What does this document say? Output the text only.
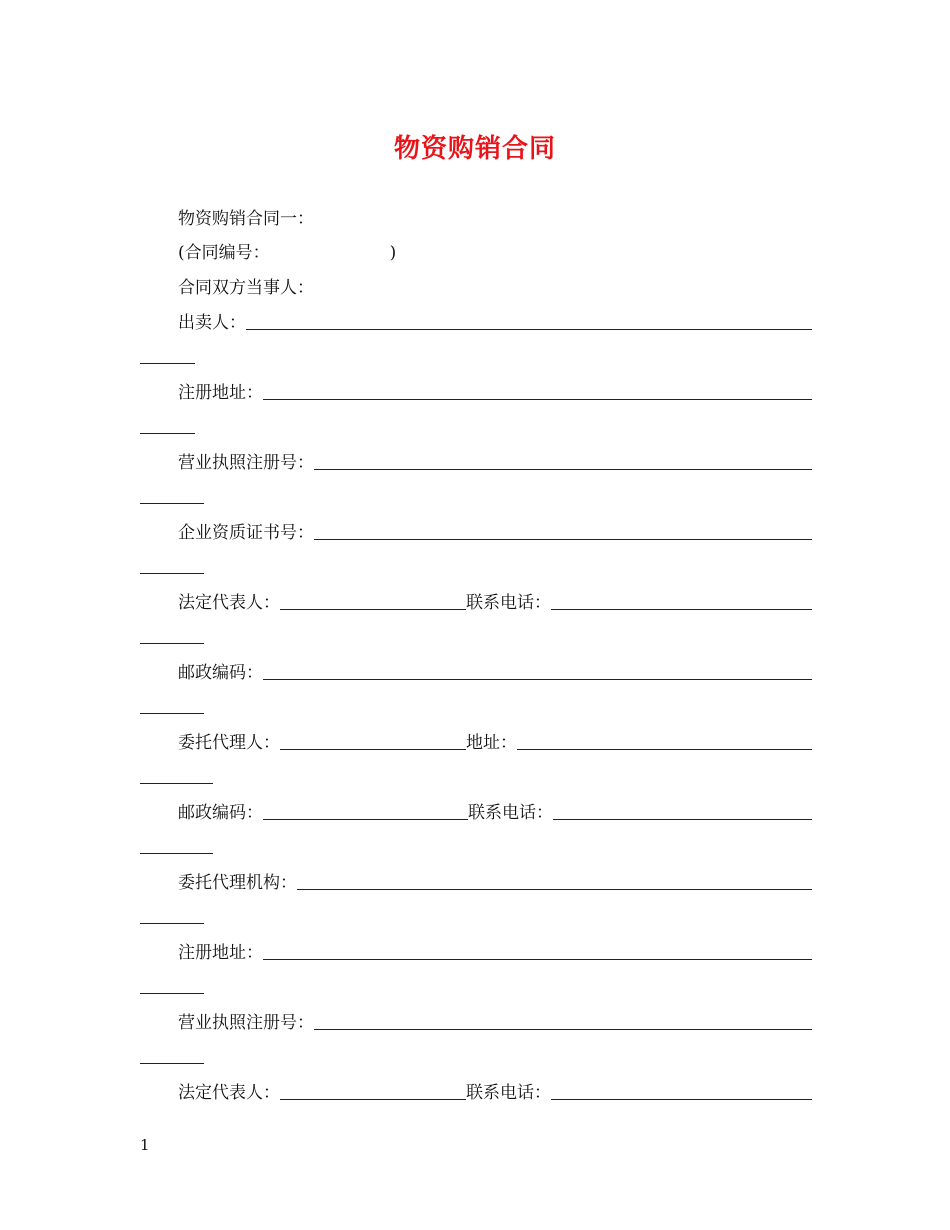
物资购销合同
物资购销合同一：
(合同编号：	)
合同双方当事人：
出卖人：
注册地址：
营业执照注册号：
企业资质证书号：
法定代表人：	联系电话：
邮政编码：
委托代理人：	地址：
邮政编码：	联系电话：
委托代理机构：
注册地址：
营业执照注册号：
法定代表人：	联系电话：
1
